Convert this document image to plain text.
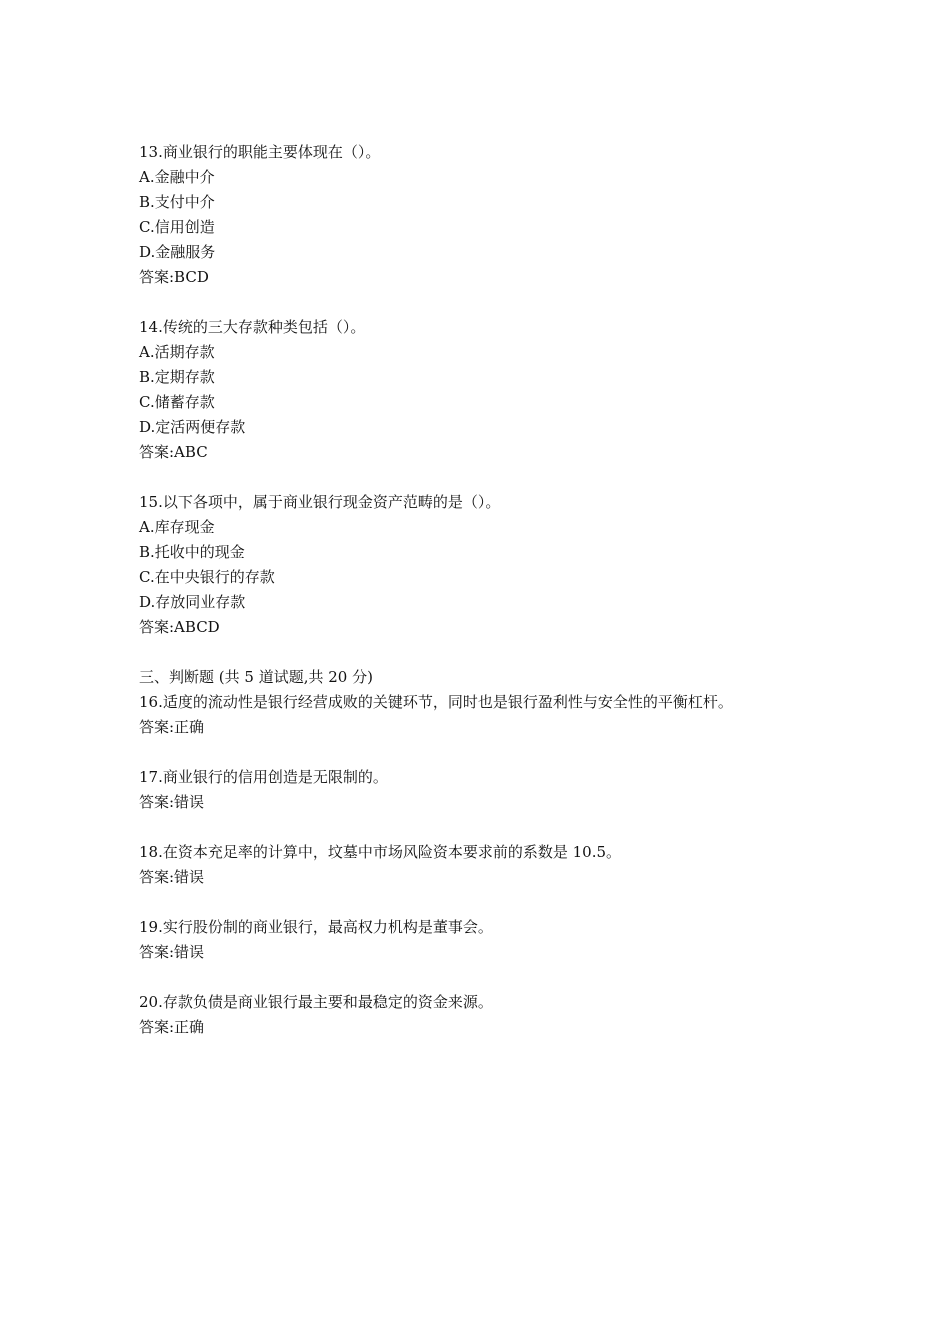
13.商业银行的职能主要体现在（）。
A.金融中介
B.支付中介
C.信用创造
D.金融服务
答案:BCD
14.传统的三大存款种类包括（）。
A.活期存款
B.定期存款
C.储蓄存款
D.定活两便存款
答案:ABC
15.以下各项中，属于商业银行现金资产范畴的是（）。
A.库存现金
B.托收中的现金
C.在中央银行的存款
D.存放同业存款
答案:ABCD
三、判断题 (共 5 道试题,共 20 分)
16.适度的流动性是银行经营成败的关键环节，同时也是银行盈利性与安全性的平衡杠杆。
答案:正确
17.商业银行的信用创造是无限制的。
答案:错误
18.在资本充足率的计算中，坟墓中市场风险资本要求前的系数是 10.5。
答案:错误
19.实行股份制的商业银行，最高权力机构是董事会。
答案:错误
20.存款负债是商业银行最主要和最稳定的资金来源。
答案:正确
